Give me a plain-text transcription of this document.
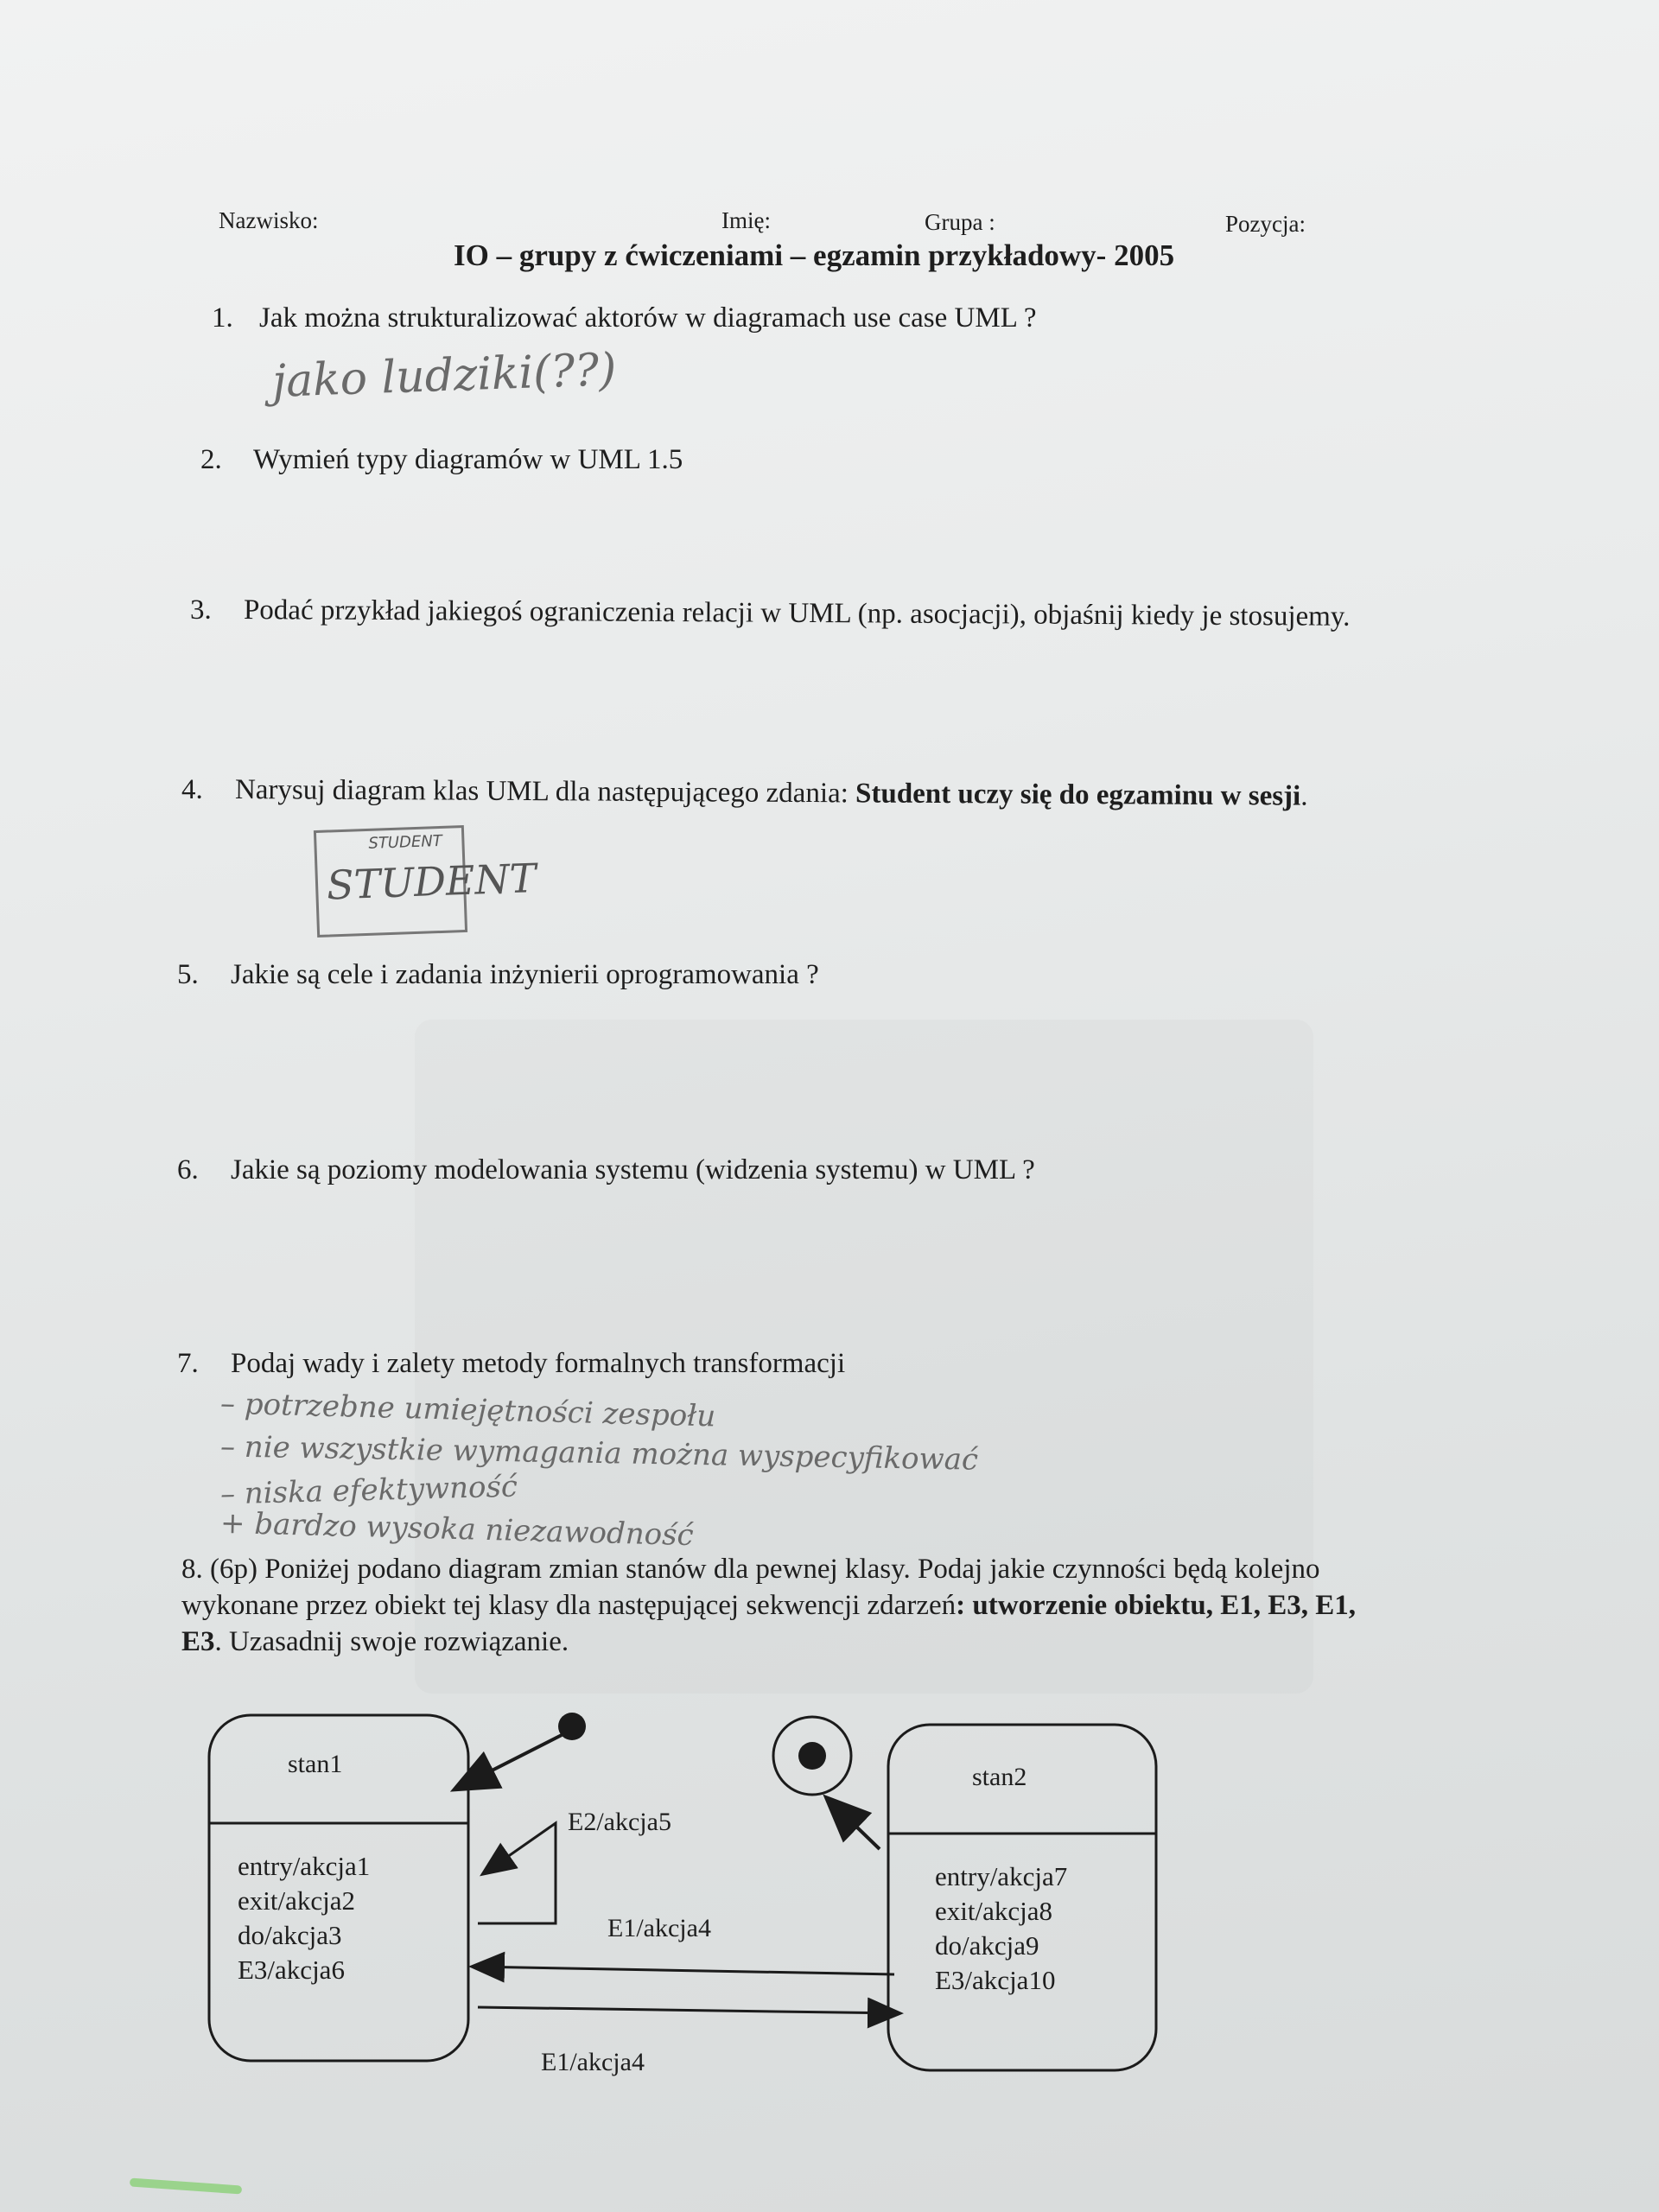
Nazwisko:	Imię:	Grupa :	Pozycja:
IO – grupy z ćwiczeniami – egzamin przykładowy- 2005
1. Jak można strukturalizować aktorów w diagramach use case UML ?
jako ludziki(??)
2. Wymień typy diagramów w UML 1.5
3. Podać przykład jakiegoś ograniczenia relacji w UML (np. asocjacji), objaśnij kiedy je stosujemy.
4. Narysuj diagram klas UML dla następującego zdania: Student uczy się do egzaminu w sesji.
STUDENT
STUDENT
5. Jakie są cele i zadania inżynierii oprogramowania ?
6. Jakie są poziomy modelowania systemu (widzenia systemu) w UML ?
7. Podaj wady i zalety metody formalnych transformacji
– potrzebne umiejętności zespołu
– nie wszystkie wymagania można wyspecyfikować
– niska efektywność
+ bardzo wysoka niezawodność
8. (6p) Poniżej podano diagram zmian stanów dla pewnej klasy. Podaj jakie czynności będą kolejno
wykonane przez obiekt tej klasy dla następującej sekwencji zdarzeń: utworzenie obiektu, E1, E3, E1,
E3. Uzasadnij swoje rozwiązanie.
stan1
entry/akcja1
exit/akcja2
do/akcja3
E3/akcja6
stan2
entry/akcja7
exit/akcja8
do/akcja9
E3/akcja10
E2/akcja5
E1/akcja4
E1/akcja4
